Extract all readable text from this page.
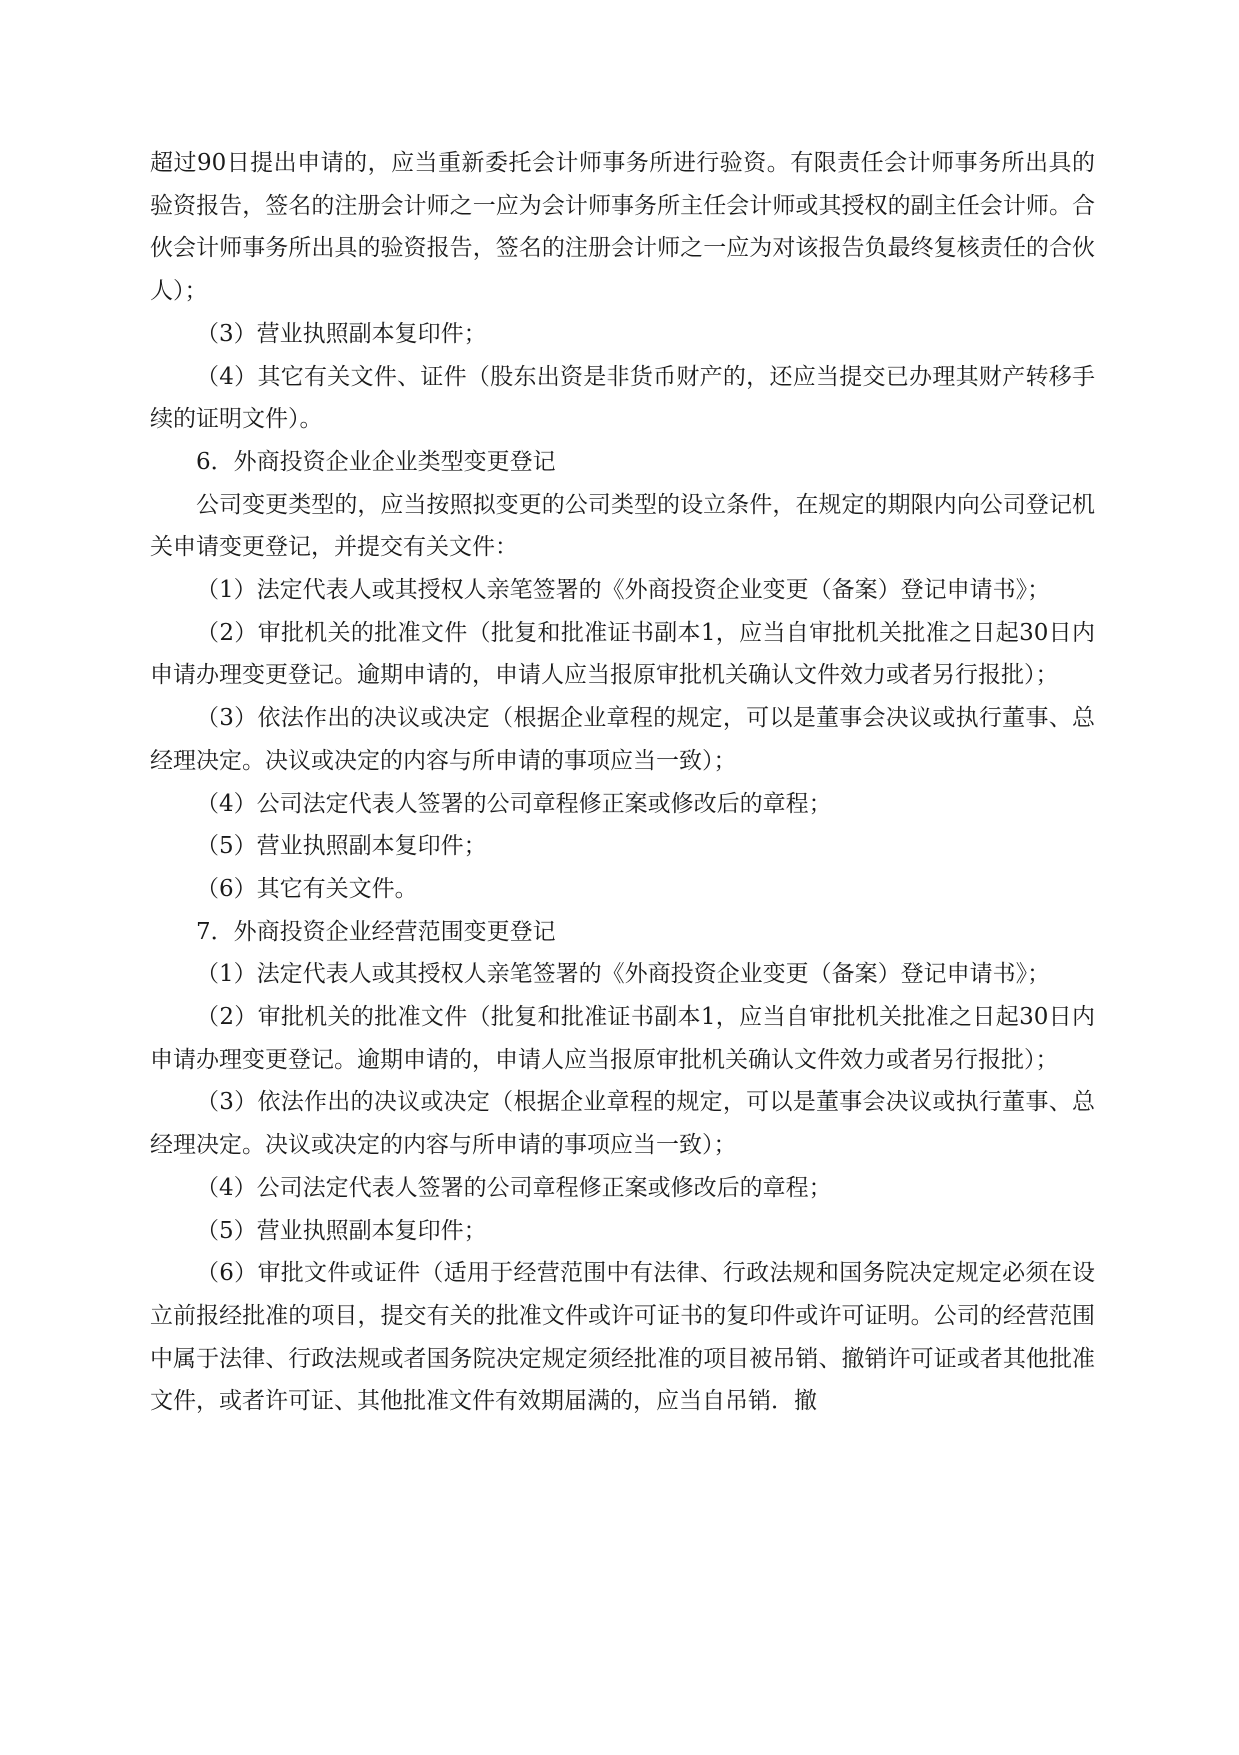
超过90日提出申请的，应当重新委托会计师事务所进行验资。有限责任会计师事务所出具的验资报告，签名的注册会计师之一应为会计师事务所主任会计师或其授权的副主任会计师。合伙会计师事务所出具的验资报告，签名的注册会计师之一应为对该报告负最终复核责任的合伙人）；

（3）营业执照副本复印件；

（4）其它有关文件、证件（股东出资是非货币财产的，还应当提交已办理其财产转移手续的证明文件）。

6．外商投资企业企业类型变更登记

公司变更类型的，应当按照拟变更的公司类型的设立条件，在规定的期限内向公司登记机关申请变更登记，并提交有关文件：

（1）法定代表人或其授权人亲笔签署的《外商投资企业变更（备案）登记申请书》；

（2）审批机关的批准文件（批复和批准证书副本1，应当自审批机关批准之日起30日内申请办理变更登记。逾期申请的，申请人应当报原审批机关确认文件效力或者另行报批）；

（3）依法作出的决议或决定（根据企业章程的规定，可以是董事会决议或执行董事、总经理决定。决议或决定的内容与所申请的事项应当一致）；

（4）公司法定代表人签署的公司章程修正案或修改后的章程；

（5）营业执照副本复印件；

（6）其它有关文件。

7．外商投资企业经营范围变更登记

（1）法定代表人或其授权人亲笔签署的《外商投资企业变更（备案）登记申请书》；

（2）审批机关的批准文件（批复和批准证书副本1，应当自审批机关批准之日起30日内申请办理变更登记。逾期申请的，申请人应当报原审批机关确认文件效力或者另行报批）；

（3）依法作出的决议或决定（根据企业章程的规定，可以是董事会决议或执行董事、总经理决定。决议或决定的内容与所申请的事项应当一致）；

（4）公司法定代表人签署的公司章程修正案或修改后的章程；

（5）营业执照副本复印件；

（6）审批文件或证件（适用于经营范围中有法律、行政法规和国务院决定规定必须在设立前报经批准的项目，提交有关的批准文件或许可证书的复印件或许可证明。公司的经营范围中属于法律、行政法规或者国务院决定规定须经批准的项目被吊销、撤销许可证或者其他批准文件，或者许可证、其他批准文件有效期届满的，应当自吊销．撤
